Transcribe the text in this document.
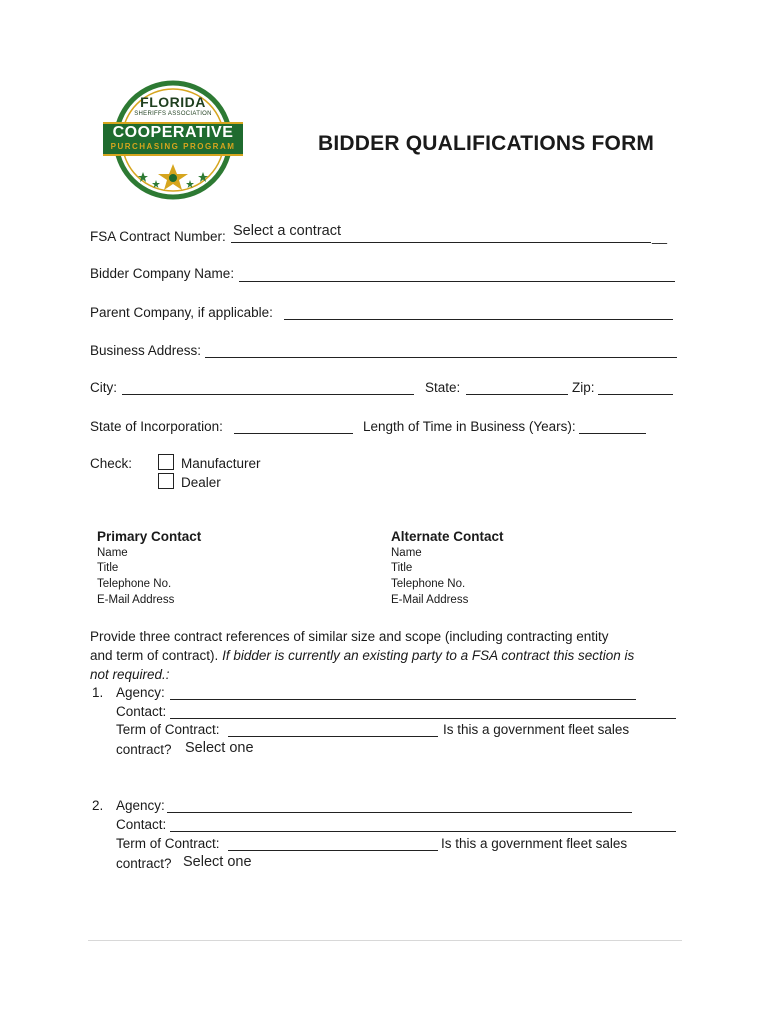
FLORIDA
SHERIFFS ASSOCIATION
COOPERATIVE
PURCHASING PROGRAM	BIDDER QUALIFICATIONS FORM
FSA Contract Number: Select a contract	__
Bidder Company Name:
Parent Company, if applicable:
Business Address:
City:	State:	Zip:
State of Incorporation:	Length of Time in Business (Years):
Check:	Manufacturer
Dealer
Primary Contact
Name
Title
Telephone No.
E-Mail Address
Alternate Contact
Name
Title
Telephone No.
E-Mail Address
Provide three contract references of similar size and scope (including contracting entity
and term of contract). If bidder is currently an existing party to a FSA contract this section is
not required.:
1. Agency:
Contact:
Term of Contract:	Is this a government fleet sales
contract? Select one
2. Agency:
Contact:
Term of Contract:	Is this a government fleet sales
contract? Select one
